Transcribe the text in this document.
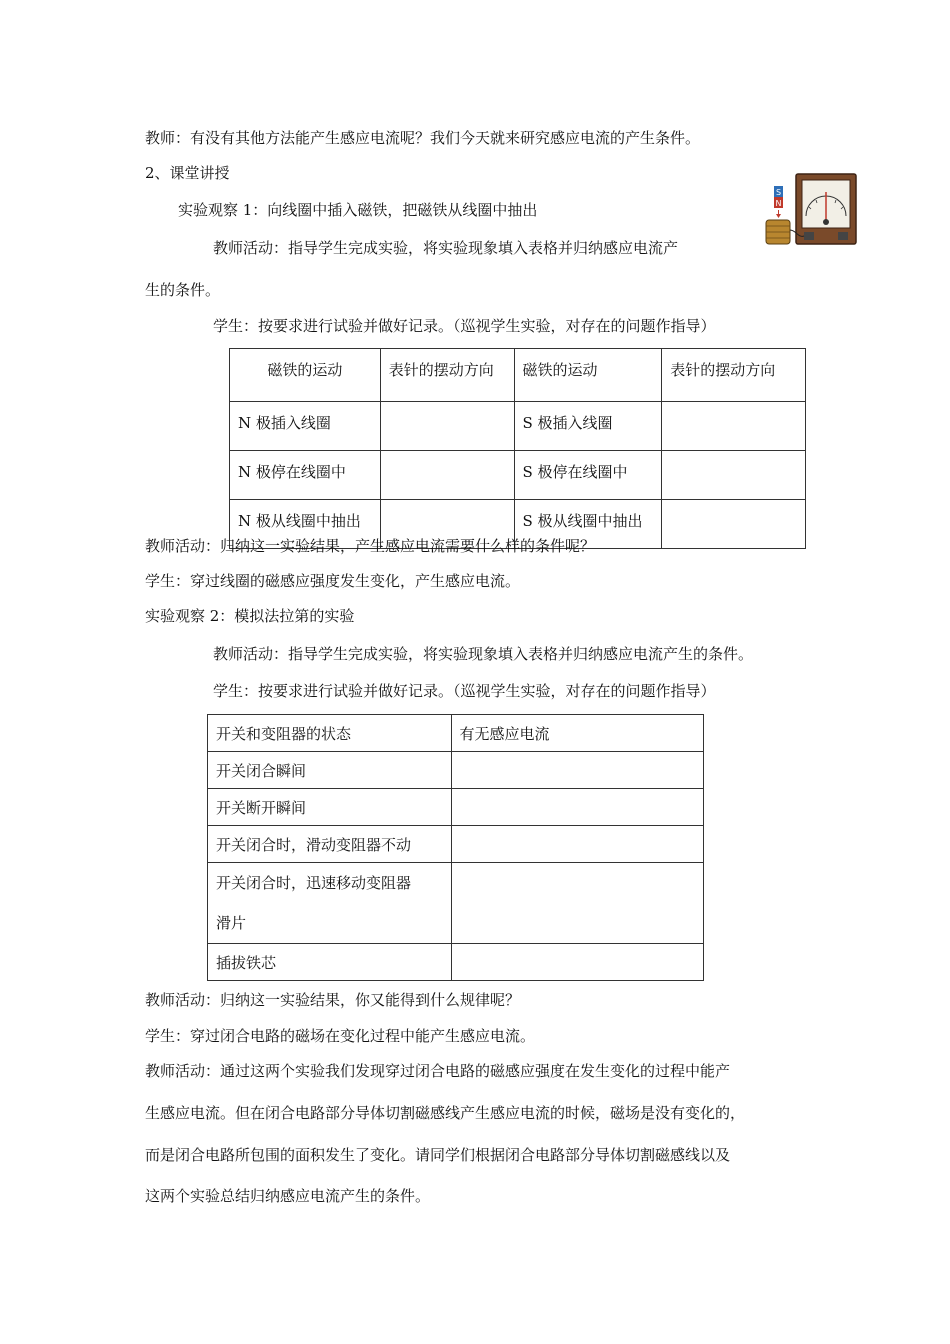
教师：有没有其他方法能产生感应电流呢？我们今天就来研究感应电流的产生条件。
2、课堂讲授
实验观察 1：向线圈中插入磁铁，把磁铁从线圈中抽出
教师活动：指导学生完成实验，将实验现象填入表格并归纳感应电流产
生的条件。
学生：按要求进行试验并做好记录。（巡视学生实验，对存在的问题作指导）
S
N
磁铁的运动	表针的摆动方向	磁铁的运动	表针的摆动方向
N 极插入线圈		S 极插入线圈	
N 极停在线圈中		S 极停在线圈中	
N 极从线圈中抽出		S 极从线圈中抽出	
教师活动：归纳这一实验结果，产生感应电流需要什么样的条件呢？
学生：穿过线圈的磁感应强度发生变化，产生感应电流。
实验观察 2：模拟法拉第的实验
教师活动：指导学生完成实验，将实验现象填入表格并归纳感应电流产生的条件。
学生：按要求进行试验并做好记录。（巡视学生实验，对存在的问题作指导）
开关和变阻器的状态	有无感应电流
开关闭合瞬间	
开关断开瞬间	
开关闭合时，滑动变阻器不动	
开关闭合时，迅速移动变阻器
滑片	
插拔铁芯	
教师活动：归纳这一实验结果，你又能得到什么规律呢？
学生：穿过闭合电路的磁场在变化过程中能产生感应电流。
教师活动：通过这两个实验我们发现穿过闭合电路的磁感应强度在发生变化的过程中能产
生感应电流。但在闭合电路部分导体切割磁感线产生感应电流的时候，磁场是没有变化的，
而是闭合电路所包围的面积发生了变化。请同学们根据闭合电路部分导体切割磁感线以及
这两个实验总结归纳感应电流产生的条件。
